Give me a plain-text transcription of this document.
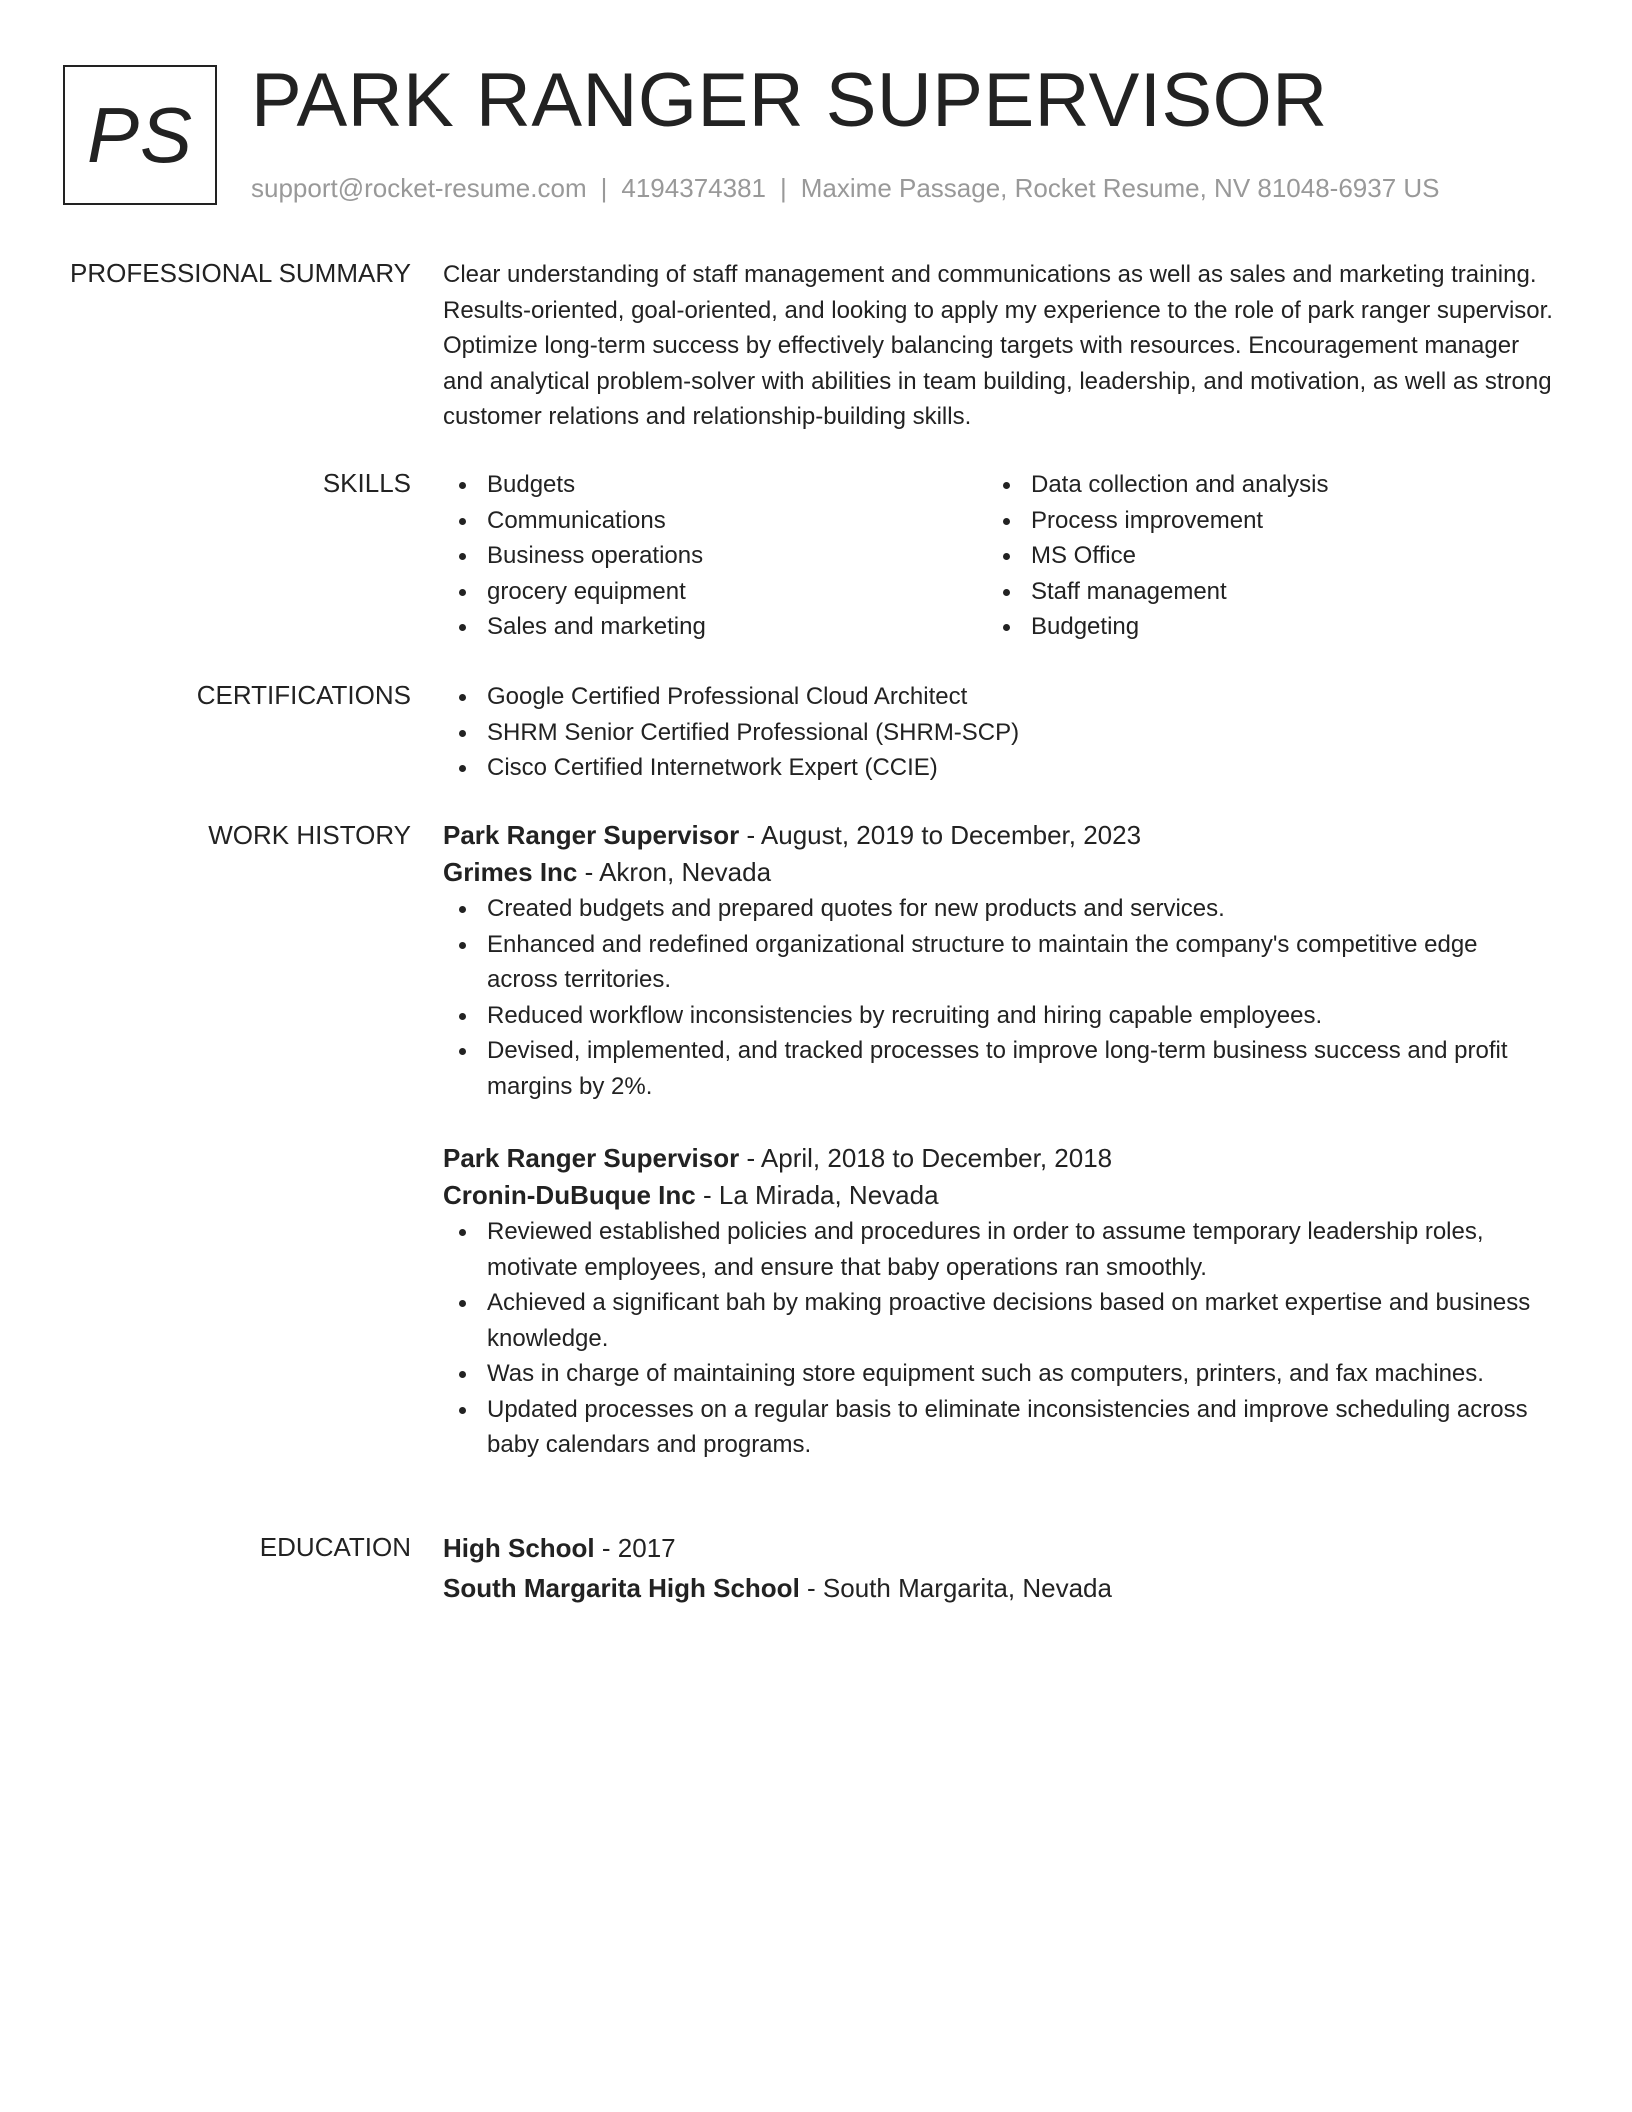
PS PARK RANGER SUPERVISOR
support@rocket-resume.com | 4194374381 | Maxime Passage, Rocket Resume, NV 81048-6937 US
PROFESSIONAL SUMMARY Clear understanding of staff management and communications as well as sales and marketing training. Results-oriented, goal-oriented, and looking to apply my experience to the role of park ranger supervisor. Optimize long-term success by effectively balancing targets with resources. Encouragement manager and analytical problem-solver with abilities in team building, leadership, and motivation, as well as strong customer relations and relationship-building skills.

SKILLS	Budgets
Communications
Business operations
grocery equipment
Sales and marketing
Data collection and analysis
Process improvement
MS Office
Staff management
Budgeting
CERTIFICATIONS	Google Certified Professional Cloud Architect
SHRM Senior Certified Professional (SHRM-SCP)
Cisco Certified Internetwork Expert (CCIE)
WORK HISTORY Park Ranger Supervisor - August, 2019 to December, 2023
Grimes Inc - Akron, Nevada
Created budgets and prepared quotes for new products and services.
Enhanced and redefined organizational structure to maintain the company's competitive edge across territories.
Reduced workflow inconsistencies by recruiting and hiring capable employees.
Devised, implemented, and tracked processes to improve long-term business success and profit margins by 2%.
Park Ranger Supervisor - April, 2018 to December, 2018
Cronin-DuBuque Inc - La Mirada, Nevada
Reviewed established policies and procedures in order to assume temporary leadership roles, motivate employees, and ensure that baby operations ran smoothly.
Achieved a significant bah by making proactive decisions based on market expertise and business knowledge.
Was in charge of maintaining store equipment such as computers, printers, and fax machines.
Updated processes on a regular basis to eliminate inconsistencies and improve scheduling across baby calendars and programs.
EDUCATION High School - 2017
South Margarita High School - South Margarita, Nevada
